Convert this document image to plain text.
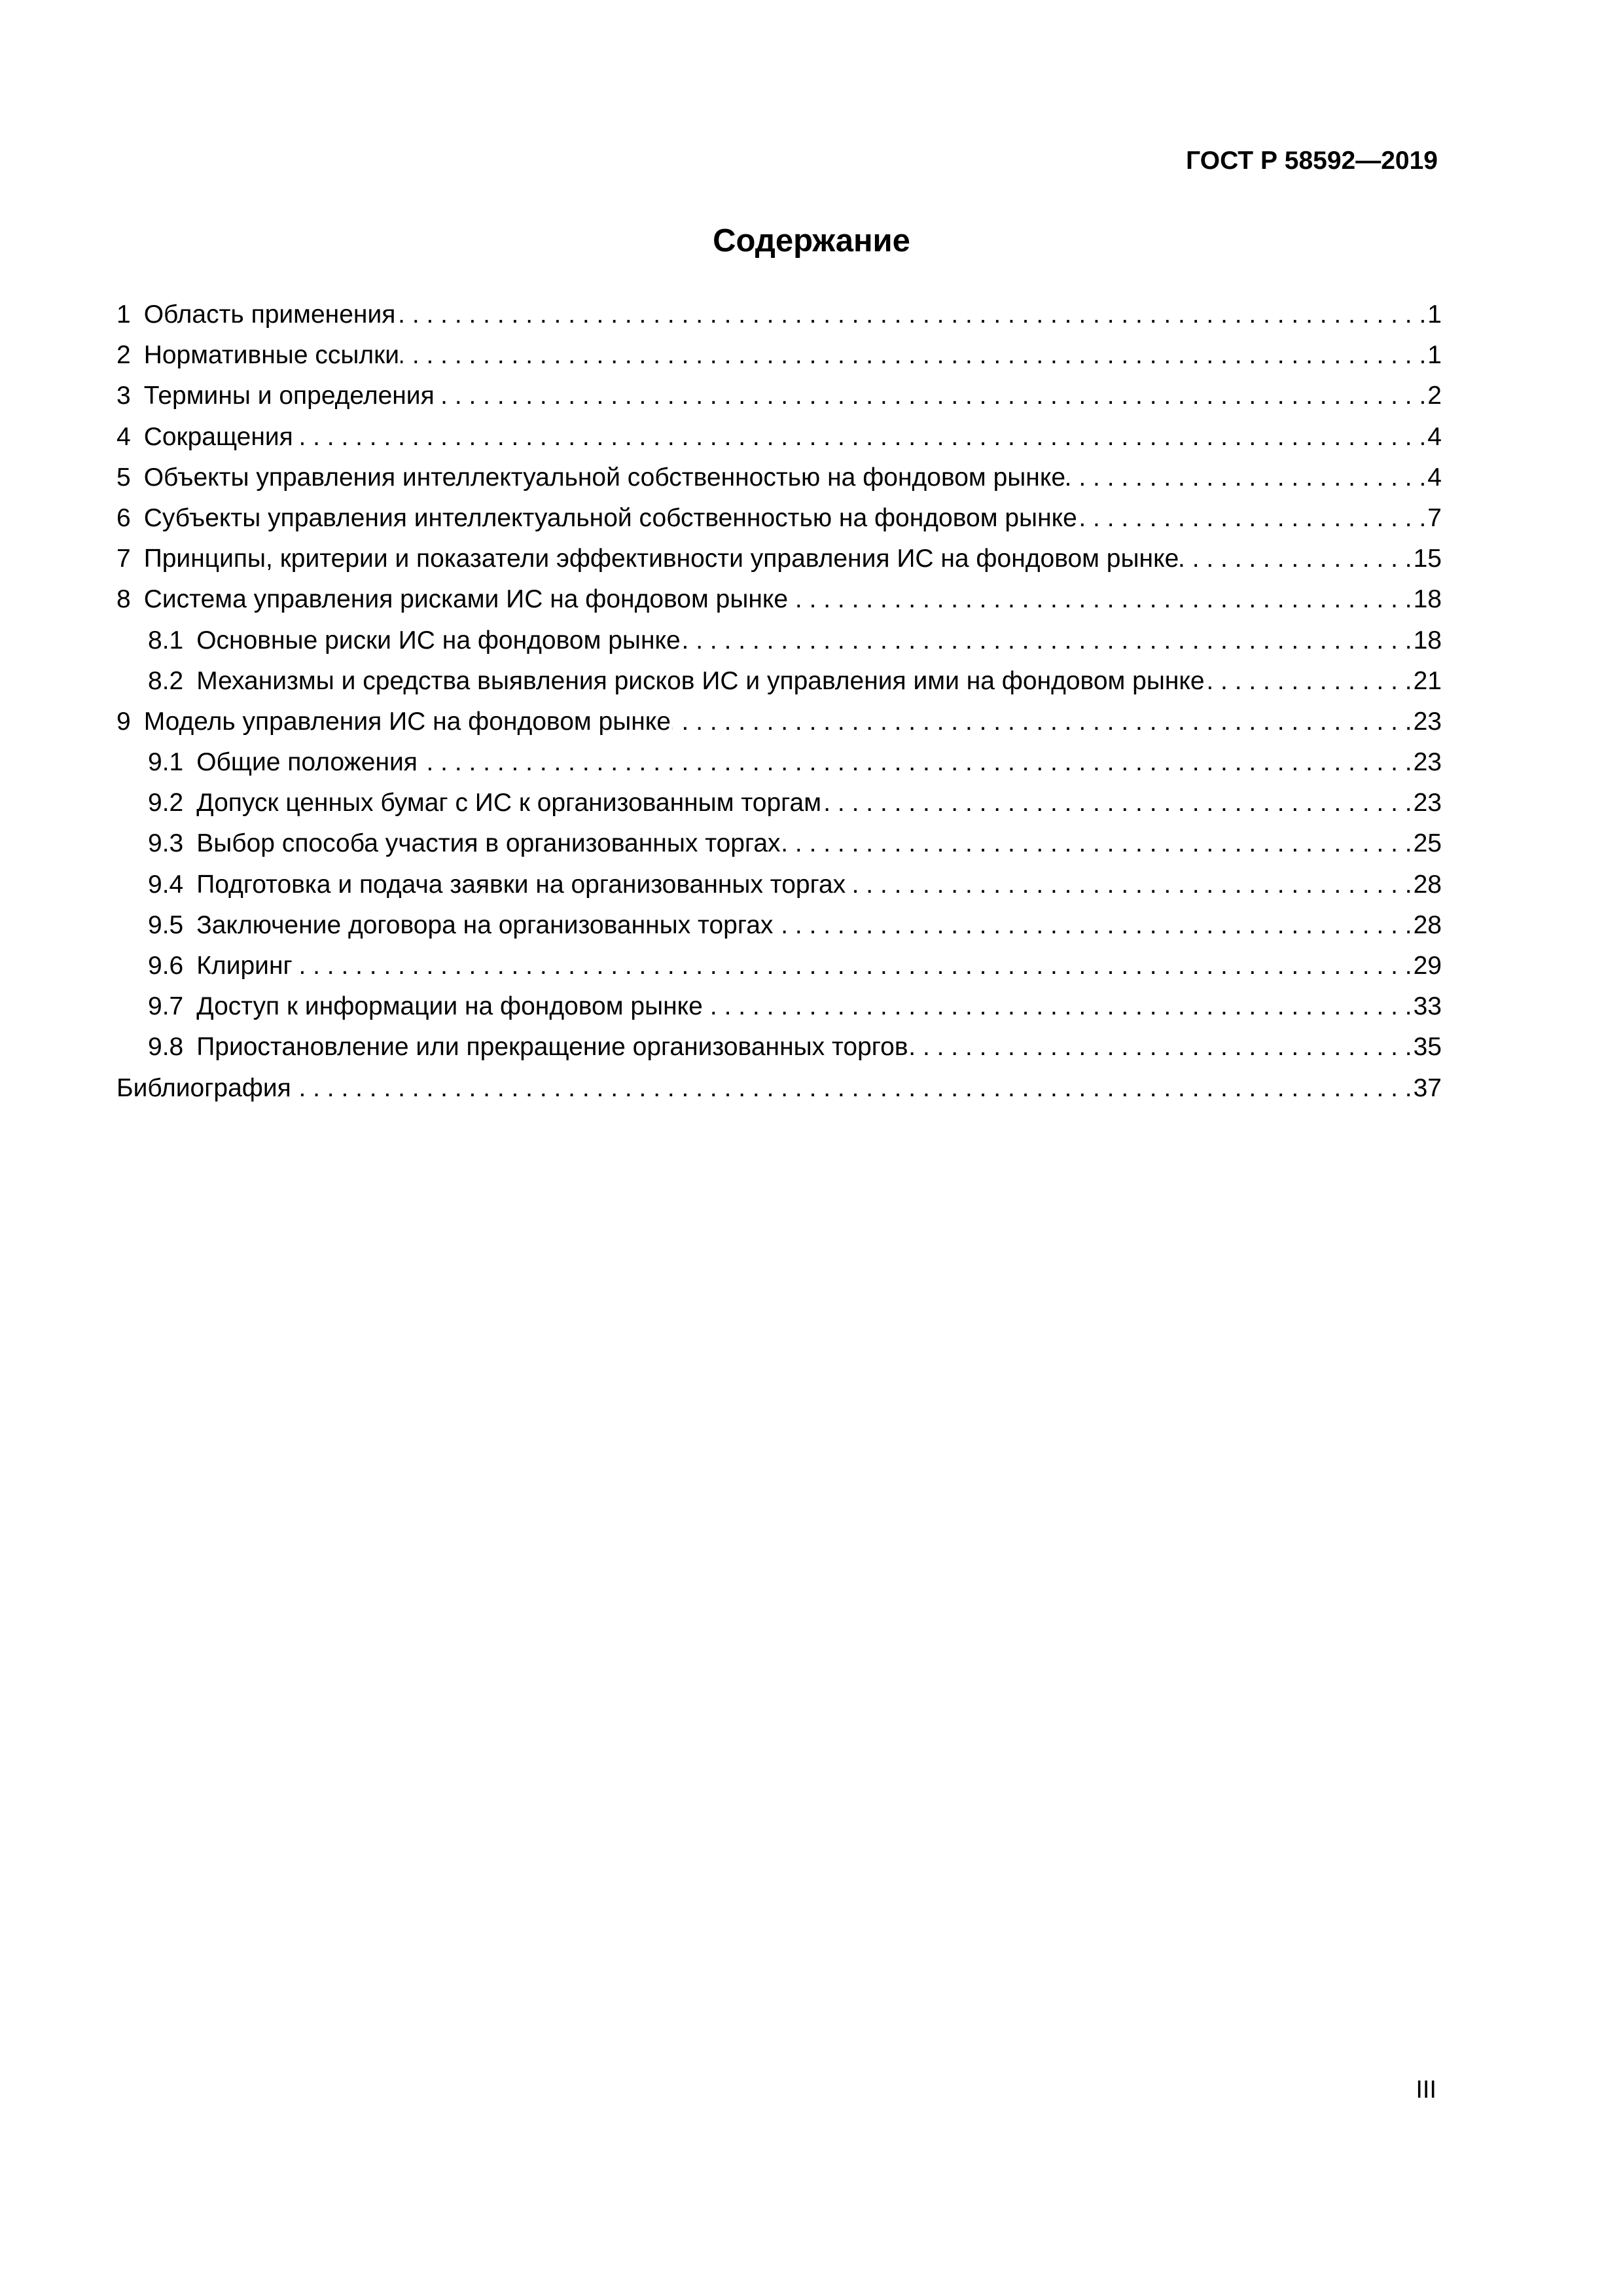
ГОСТ Р 58592—2019
Содержание
1 Область применения . . .	1
2 Нормативные ссылки . . .	1
3 Термины и определения . . .	2
4 Сокращения . . .	4
5 Объекты управления интеллектуальной собственностью на фондовом рынке . . .	4
6 Субъекты управления интеллектуальной собственностью на фондовом рынке . . .	7
7 Принципы, критерии и показатели эффективности управления ИС на фондовом рынке . . .	15
8 Система управления рисками ИС на фондовом рынке . . .	18
8.1 Основные риски ИС на фондовом рынке . . .	18
8.2 Механизмы и средства выявления рисков ИС и управления ими на фондовом рынке . . .	21
9 Модель управления ИС на фондовом рынке . . .	23
9.1 Общие положения . . .	23
9.2 Допуск ценных бумаг с ИС к организованным торгам . . .	23
9.3 Выбор способа участия в организованных торгах . . .	25
9.4 Подготовка и подача заявки на организованных торгах . . .	28
9.5 Заключение договора на организованных торгах . . .	28
9.6 Клиринг . . .	29
9.7 Доступ к информации на фондовом рынке . . .	33
9.8 Приостановление или прекращение организованных торгов . . .	35
Библиография . . .	37
III
